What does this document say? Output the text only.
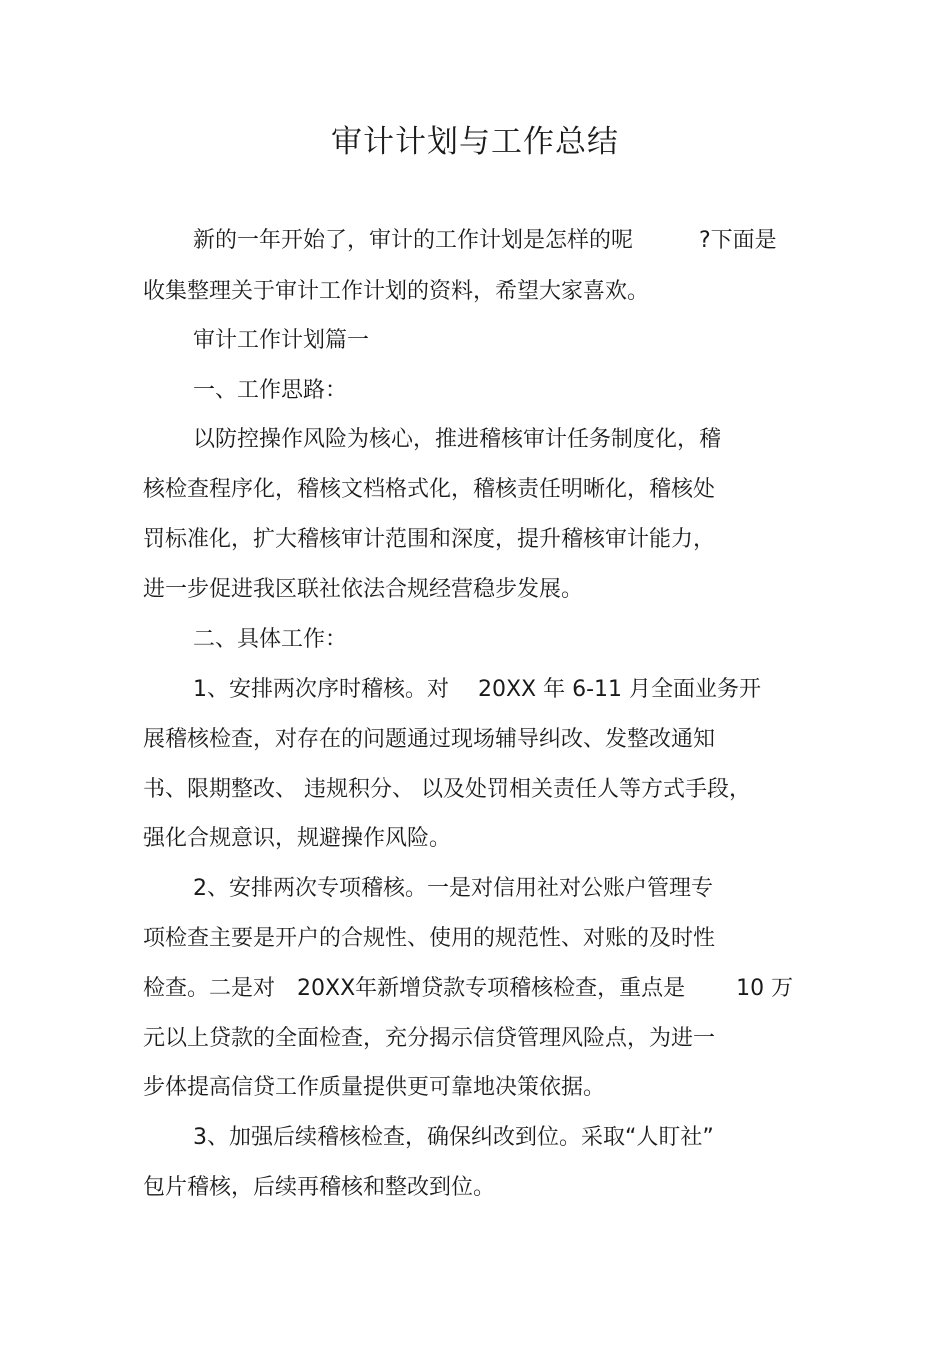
审计计划与工作总结

新的一年开始了，审计的工作计划是怎样的呢　　　?下面是

收集整理关于审计工作计划的资料，希望大家喜欢。

审计工作计划篇一

一、工作思路：

以防控操作风险为核心，推进稽核审计任务制度化，稽

核检查程序化，稽核文档格式化，稽核责任明晰化，稽核处

罚标准化，扩大稽核审计范围和深度，提升稽核审计能力，

进一步促进我区联社依法合规经营稳步发展。

二、具体工作：

1、安排两次序时稽核。对　 20XX 年 6-11 月全面业务开

展稽核检查，对存在的问题通过现场辅导纠改、发整改通知

书、限期整改、 违规积分、 以及处罚相关责任人等方式手段，

强化合规意识，规避操作风险。

2、安排两次专项稽核。一是对信用社对公账户管理专

项检查主要是开户的合规性、使用的规范性、对账的及时性

检查。二是对　20XX年新增贷款专项稽核检查，重点是　　 10 万

元以上贷款的全面检查，充分揭示信贷管理风险点，为进一

步体提高信贷工作质量提供更可靠地决策依据。

3、加强后续稽核检查，确保纠改到位。采取“人盯社”

包片稽核，后续再稽核和整改到位。
